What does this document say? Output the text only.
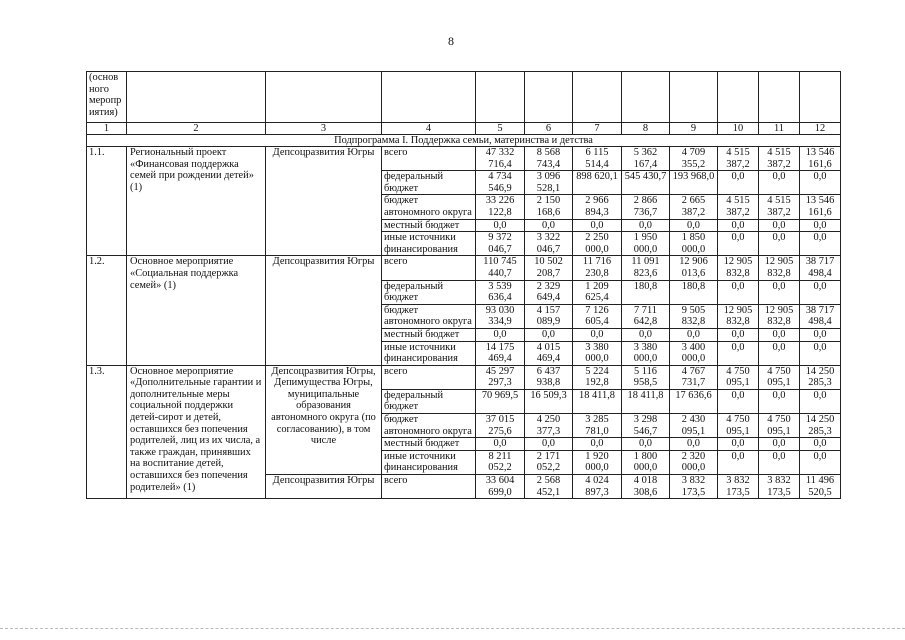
8
(основ ного меропр иятия)											
1	2	3	4	5	6	7	8	9	10	11	12
Подпрограмма I. Поддержка семьи, материнства и детства											
1.1.	Региональный проект «Финансовая поддержка семей при рождении детей» (1)	Депсоцразвития Югры	всего	47 332 716,4	8 568 743,4	6 115 514,4	5 362 167,4	4 709 355,2	4 515 387,2	4 515 387,2	13 546 161,6
			федеральный бюджет	4 734 546,9	3 096 528,1	898 620,1	545 430,7	193 968,0	0,0	0,0	0,0
			бюджет автономного округа	33 226 122,8	2 150 168,6	2 966 894,3	2 866 736,7	2 665 387,2	4 515 387,2	4 515 387,2	13 546 161,6
			местный бюджет	0,0	0,0	0,0	0,0	0,0	0,0	0,0	0,0
			иные источники финансирования	9 372 046,7	3 322 046,7	2 250 000,0	1 950 000,0	1 850 000,0	0,0	0,0	0,0
1.2.	Основное мероприятие «Социальная поддержка семей» (1)	Депсоцразвития Югры	всего	110 745 440,7	10 502 208,7	11 716 230,8	11 091 823,6	12 906 013,6	12 905 832,8	12 905 832,8	38 717 498,4
			федеральный бюджет	3 539 636,4	2 329 649,4	1 209 625,4	180,8	180,8	0,0	0,0	0,0
			бюджет автономного округа	93 030 334,9	4 157 089,9	7 126 605,4	7 711 642,8	9 505 832,8	12 905 832,8	12 905 832,8	38 717 498,4
			местный бюджет	0,0	0,0	0,0	0,0	0,0	0,0	0,0	0,0
			иные источники финансирования	14 175 469,4	4 015 469,4	3 380 000,0	3 380 000,0	3 400 000,0	0,0	0,0	0,0
1.3.	Основное мероприятие «Дополнительные гарантии и дополнительные меры социальной поддержки детей-сирот и детей, оставшихся без попечения родителей, лиц из их числа, а также граждан, принявших на воспитание детей, оставшихся без попечения родителей» (1)	Депсоцразвития Югры, Депимущества Югры, муниципальные образования автономного округа (по согласованию), в том числе	всего	45 297 297,3	6 437 938,8	5 224 192,8	5 116 958,5	4 767 731,7	4 750 095,1	4 750 095,1	14 250 285,3
			федеральный бюджет	70 969,5	16 509,3	18 411,8	18 411,8	17 636,6	0,0	0,0	0,0
			бюджет автономного округа	37 015 275,6	4 250 377,3	3 285 781,0	3 298 546,7	2 430 095,1	4 750 095,1	4 750 095,1	14 250 285,3
			местный бюджет	0,0	0,0	0,0	0,0	0,0	0,0	0,0	0,0
			иные источники финансирования	8 211 052,2	2 171 052,2	1 920 000,0	1 800 000,0	2 320 000,0	0,0	0,0	0,0
		Депсоцразвития Югры	всего	33 604 699,0	2 568 452,1	4 024 897,3	4 018 308,6	3 832 173,5	3 832 173,5	3 832 173,5	11 496 520,5
